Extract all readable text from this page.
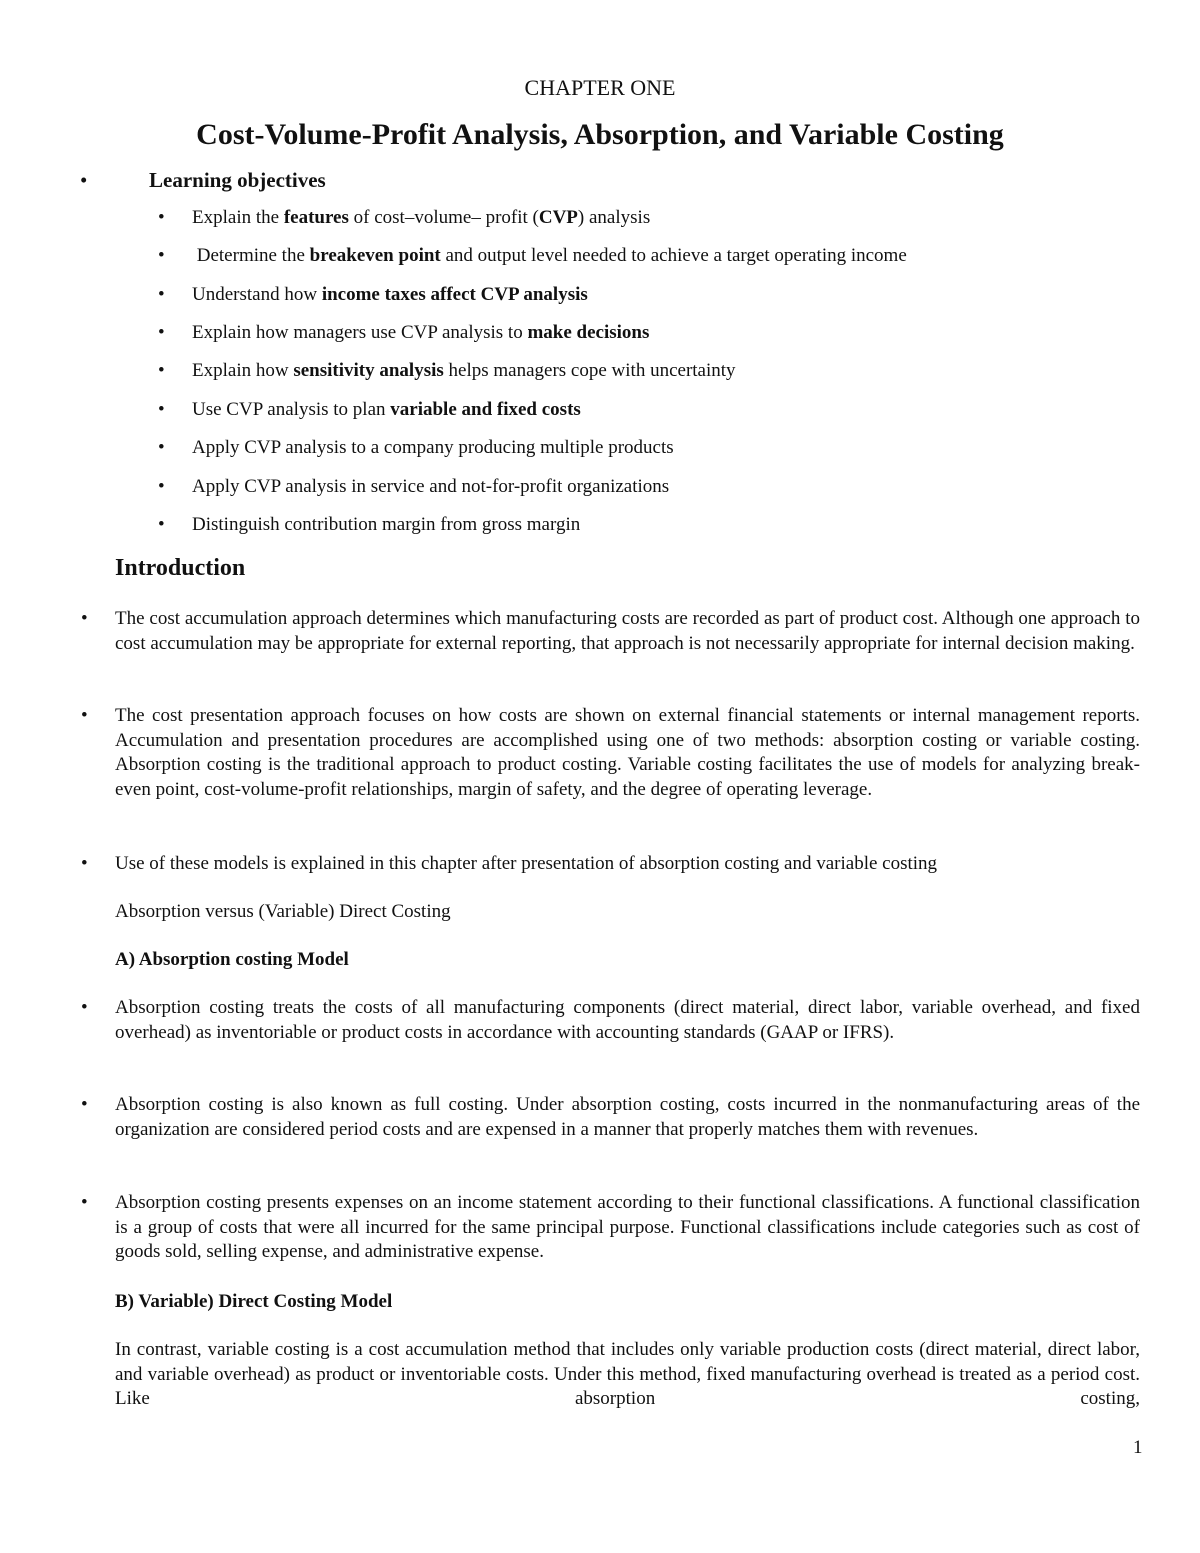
CHAPTER ONE
Cost-Volume-Profit Analysis, Absorption, and Variable Costing
•	Learning objectives
• Explain the features of cost–volume– profit (CVP) analysis
• Determine the breakeven point and output level needed to achieve a target operating income
• Understand how income taxes affect CVP analysis
• Explain how managers use CVP analysis to make decisions
• Explain how sensitivity analysis helps managers cope with uncertainty
• Use CVP analysis to plan variable and fixed costs
• Apply CVP analysis to a company producing multiple products
• Apply CVP analysis in service and not-for-profit organizations
• Distinguish contribution margin from gross margin
Introduction

• The cost accumulation approach determines which manufacturing costs are recorded as part of product cost. Although one approach to cost accumulation may be appropriate for external reporting, that approach is not necessarily appropriate for internal decision making.

• The cost presentation approach focuses on how costs are shown on external financial statements or internal management reports. Accumulation and presentation procedures are accomplished using one of two methods: absorption costing or variable costing. Absorption costing is the traditional approach to product costing. Variable costing facilitates the use of models for analyzing break-even point, cost-volume-profit relationships, margin of safety, and the degree of operating leverage.

• Use of these models is explained in this chapter after presentation of absorption costing and variable costing

Absorption versus (Variable) Direct Costing

A) Absorption costing Model

• Absorption costing treats the costs of all manufacturing components (direct material, direct labor, variable overhead, and fixed overhead) as inventoriable or product costs in accordance with accounting standards (GAAP or IFRS).

• Absorption costing is also known as full costing. Under absorption costing, costs incurred in the nonmanufacturing areas of the organization are considered period costs and are expensed in a manner that properly matches them with revenues.

• Absorption costing presents expenses on an income statement according to their functional classifications. A functional classification is a group of costs that were all incurred for the same principal purpose. Functional classifications include categories such as cost of goods sold, selling expense, and administrative expense.

B) Variable) Direct Costing Model

In contrast, variable costing is a cost accumulation method that includes only variable production costs (direct material, direct labor, and variable overhead) as product or inventoriable costs. Under this method, fixed manufacturing overhead is treated as a period cost. Like absorption costing,

1
